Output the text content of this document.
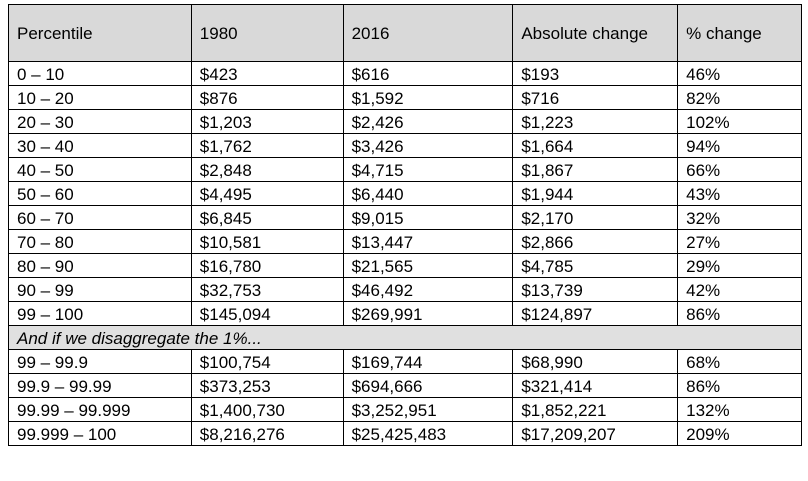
Percentile	1980	2016	Absolute change	% change
0 – 10	$423	$616	$193	46%
10 – 20	$876	$1,592	$716	82%
20 – 30	$1,203	$2,426	$1,223	102%
30 – 40	$1,762	$3,426	$1,664	94%
40 – 50	$2,848	$4,715	$1,867	66%
50 – 60	$4,495	$6,440	$1,944	43%
60 – 70	$6,845	$9,015	$2,170	32%
70 – 80	$10,581	$13,447	$2,866	27%
80 – 90	$16,780	$21,565	$4,785	29%
90 – 99	$32,753	$46,492	$13,739	42%
99 – 100	$145,094	$269,991	$124,897	86%
And if we disaggregate the 1%...				
99 – 99.9	$100,754	$169,744	$68,990	68%
99.9 – 99.99	$373,253	$694,666	$321,414	86%
99.99 – 99.999	$1,400,730	$3,252,951	$1,852,221	132%
99.999 – 100	$8,216,276	$25,425,483	$17,209,207	209%
